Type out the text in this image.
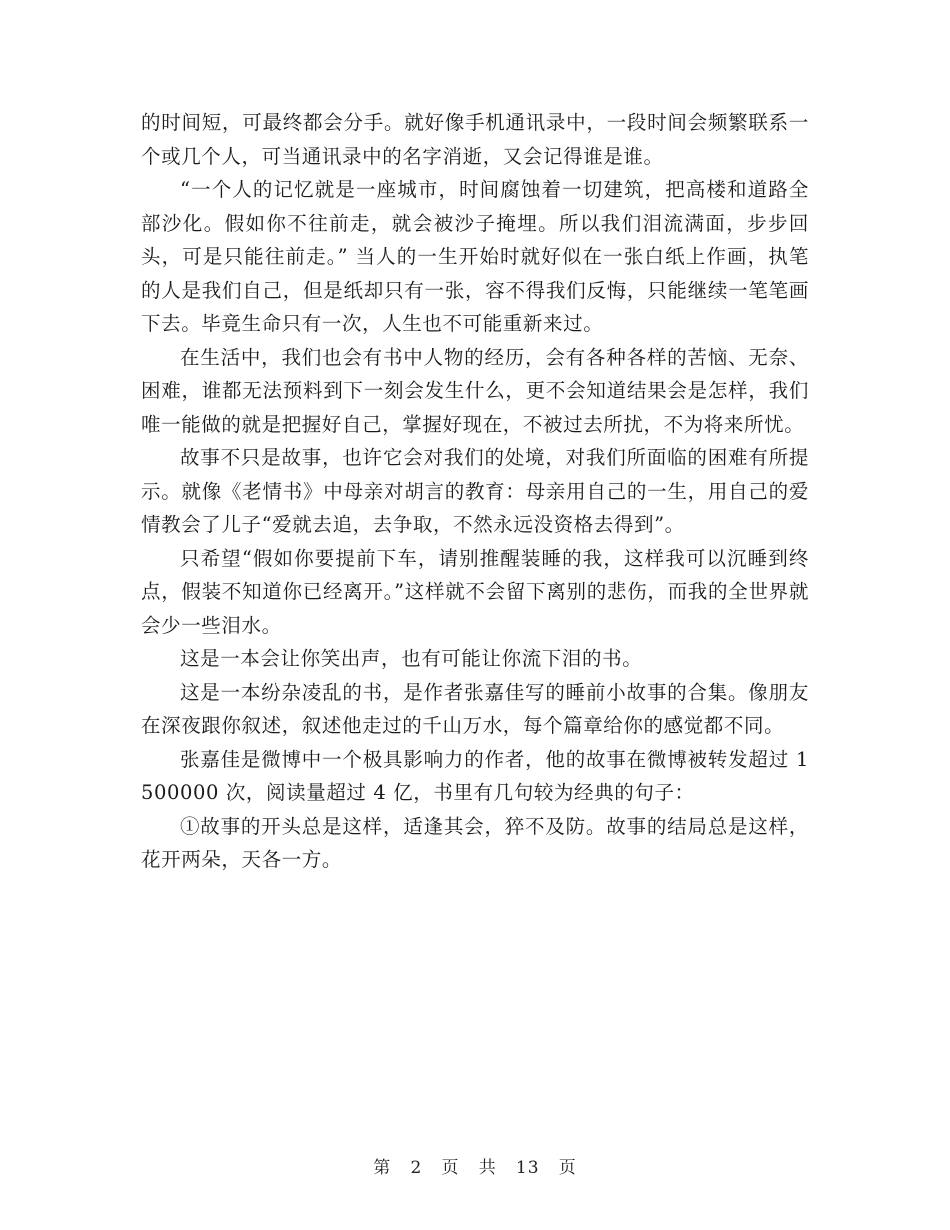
的时间短，可最终都会分手。就好像手机通讯录中，一段时间会频繁联系一个或几个人，可当通讯录中的名字消逝，又会记得谁是谁。

“一个人的记忆就是一座城市，时间腐蚀着一切建筑，把高楼和道路全部沙化。假如你不往前走，就会被沙子掩埋。所以我们泪流满面，步步回头，可是只能往前走。” 当人的一生开始时就好似在一张白纸上作画，执笔的人是我们自己，但是纸却只有一张，容不得我们反悔，只能继续一笔笔画下去。毕竟生命只有一次，人生也不可能重新来过。

在生活中，我们也会有书中人物的经历，会有各种各样的苦恼、无奈、困难，谁都无法预料到下一刻会发生什么，更不会知道结果会是怎样，我们唯一能做的就是把握好自己，掌握好现在，不被过去所扰，不为将来所忧。

故事不只是故事，也许它会对我们的处境，对我们所面临的困难有所提示。就像《老情书》中母亲对胡言的教育：母亲用自己的一生，用自己的爱情教会了儿子“爱就去追，去争取，不然永远没资格去得到”。

只希望“假如你要提前下车，请别推醒装睡的我，这样我可以沉睡到终点，假装不知道你已经离开。”这样就不会留下离别的悲伤，而我的全世界就会少一些泪水。

这是一本会让你笑出声，也有可能让你流下泪的书。

这是一本纷杂凌乱的书，是作者张嘉佳写的睡前小故事的合集。像朋友在深夜跟你叙述，叙述他走过的千山万水，每个篇章给你的感觉都不同。

张嘉佳是微博中一个极具影响力的作者，他的故事在微博被转发超过 1500000 次，阅读量超过 4 亿，书里有几句较为经典的句子：

①故事的开头总是这样，适逢其会，猝不及防。故事的结局总是这样，花开两朵，天各一方。

第 2 页 共 13 页
